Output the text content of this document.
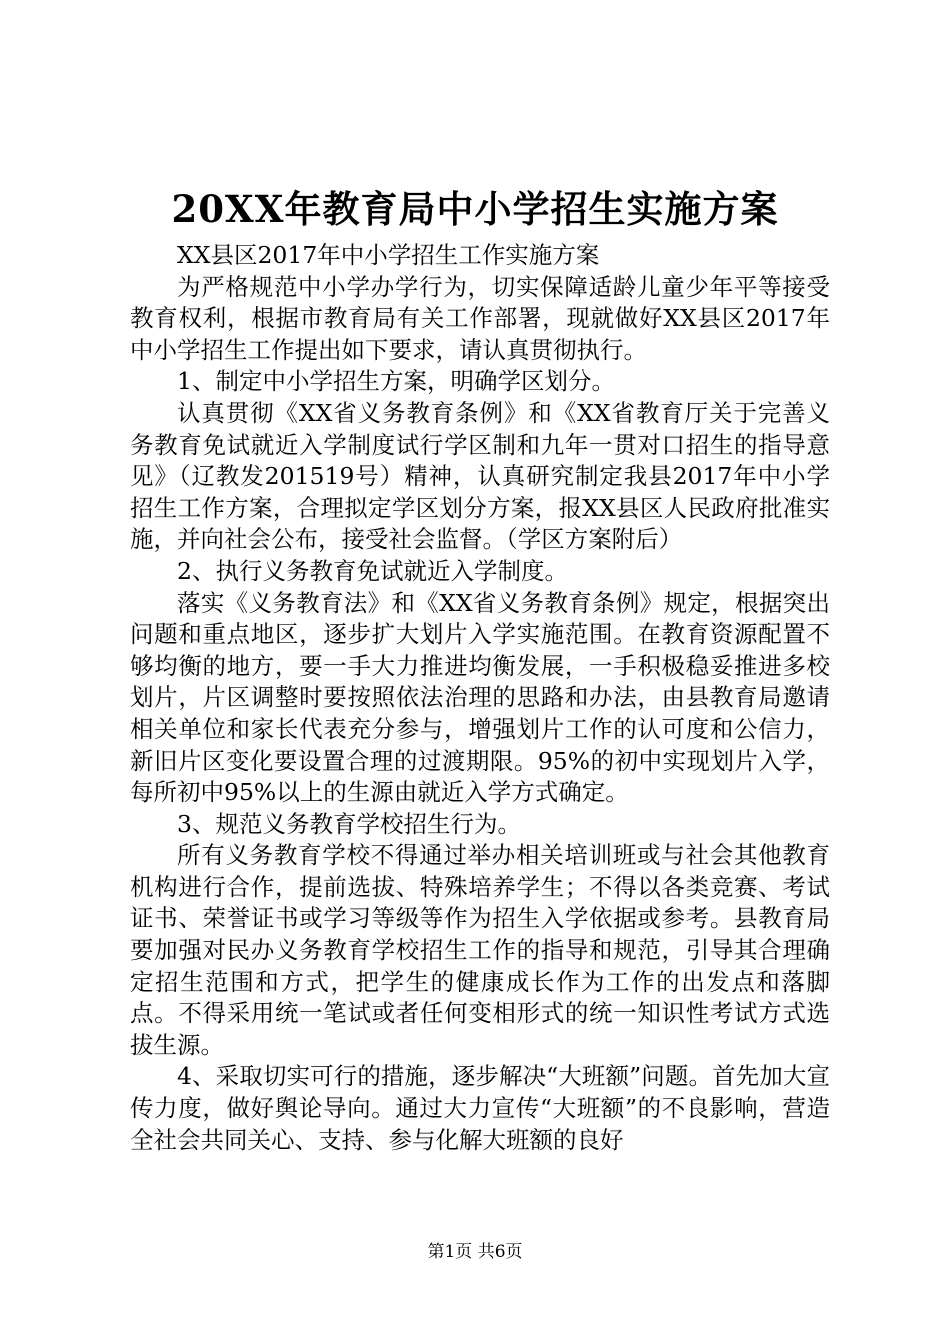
20XX年教育局中小学招生实施方案

XX县区2017年中小学招生工作实施方案

为严格规范中小学办学行为，切实保障适龄儿童少年平等接受教育权利，根据市教育局有关工作部署，现就做好XX县区2017年中小学招生工作提出如下要求，请认真贯彻执行。

1、制定中小学招生方案，明确学区划分。

认真贯彻《XX省义务教育条例》和《XX省教育厅关于完善义务教育免试就近入学制度试行学区制和九年一贯对口招生的指导意见》（辽教发201519号）精神，认真研究制定我县2017年中小学招生工作方案，合理拟定学区划分方案，报XX县区人民政府批准实施，并向社会公布，接受社会监督。（学区方案附后）

2、执行义务教育免试就近入学制度。

落实《义务教育法》和《XX省义务教育条例》规定，根据突出问题和重点地区，逐步扩大划片入学实施范围。在教育资源配置不够均衡的地方，要一手大力推进均衡发展，一手积极稳妥推进多校划片，片区调整时要按照依法治理的思路和办法，由县教育局邀请相关单位和家长代表充分参与，增强划片工作的认可度和公信力，新旧片区变化要设置合理的过渡期限。95%的初中实现划片入学，每所初中95%以上的生源由就近入学方式确定。

3、规范义务教育学校招生行为。

所有义务教育学校不得通过举办相关培训班或与社会其他教育机构进行合作，提前选拔、特殊培养学生；不得以各类竞赛、考试证书、荣誉证书或学习等级等作为招生入学依据或参考。县教育局要加强对民办义务教育学校招生工作的指导和规范，引导其合理确定招生范围和方式，把学生的健康成长作为工作的出发点和落脚点。不得采用统一笔试或者任何变相形式的统一知识性考试方式选拔生源。

4、采取切实可行的措施，逐步解决“大班额”问题。首先加大宣传力度，做好舆论导向。通过大力宣传“大班额”的不良影响，营造全社会共同关心、支持、参与化解大班额的良好

第1页 共6页
